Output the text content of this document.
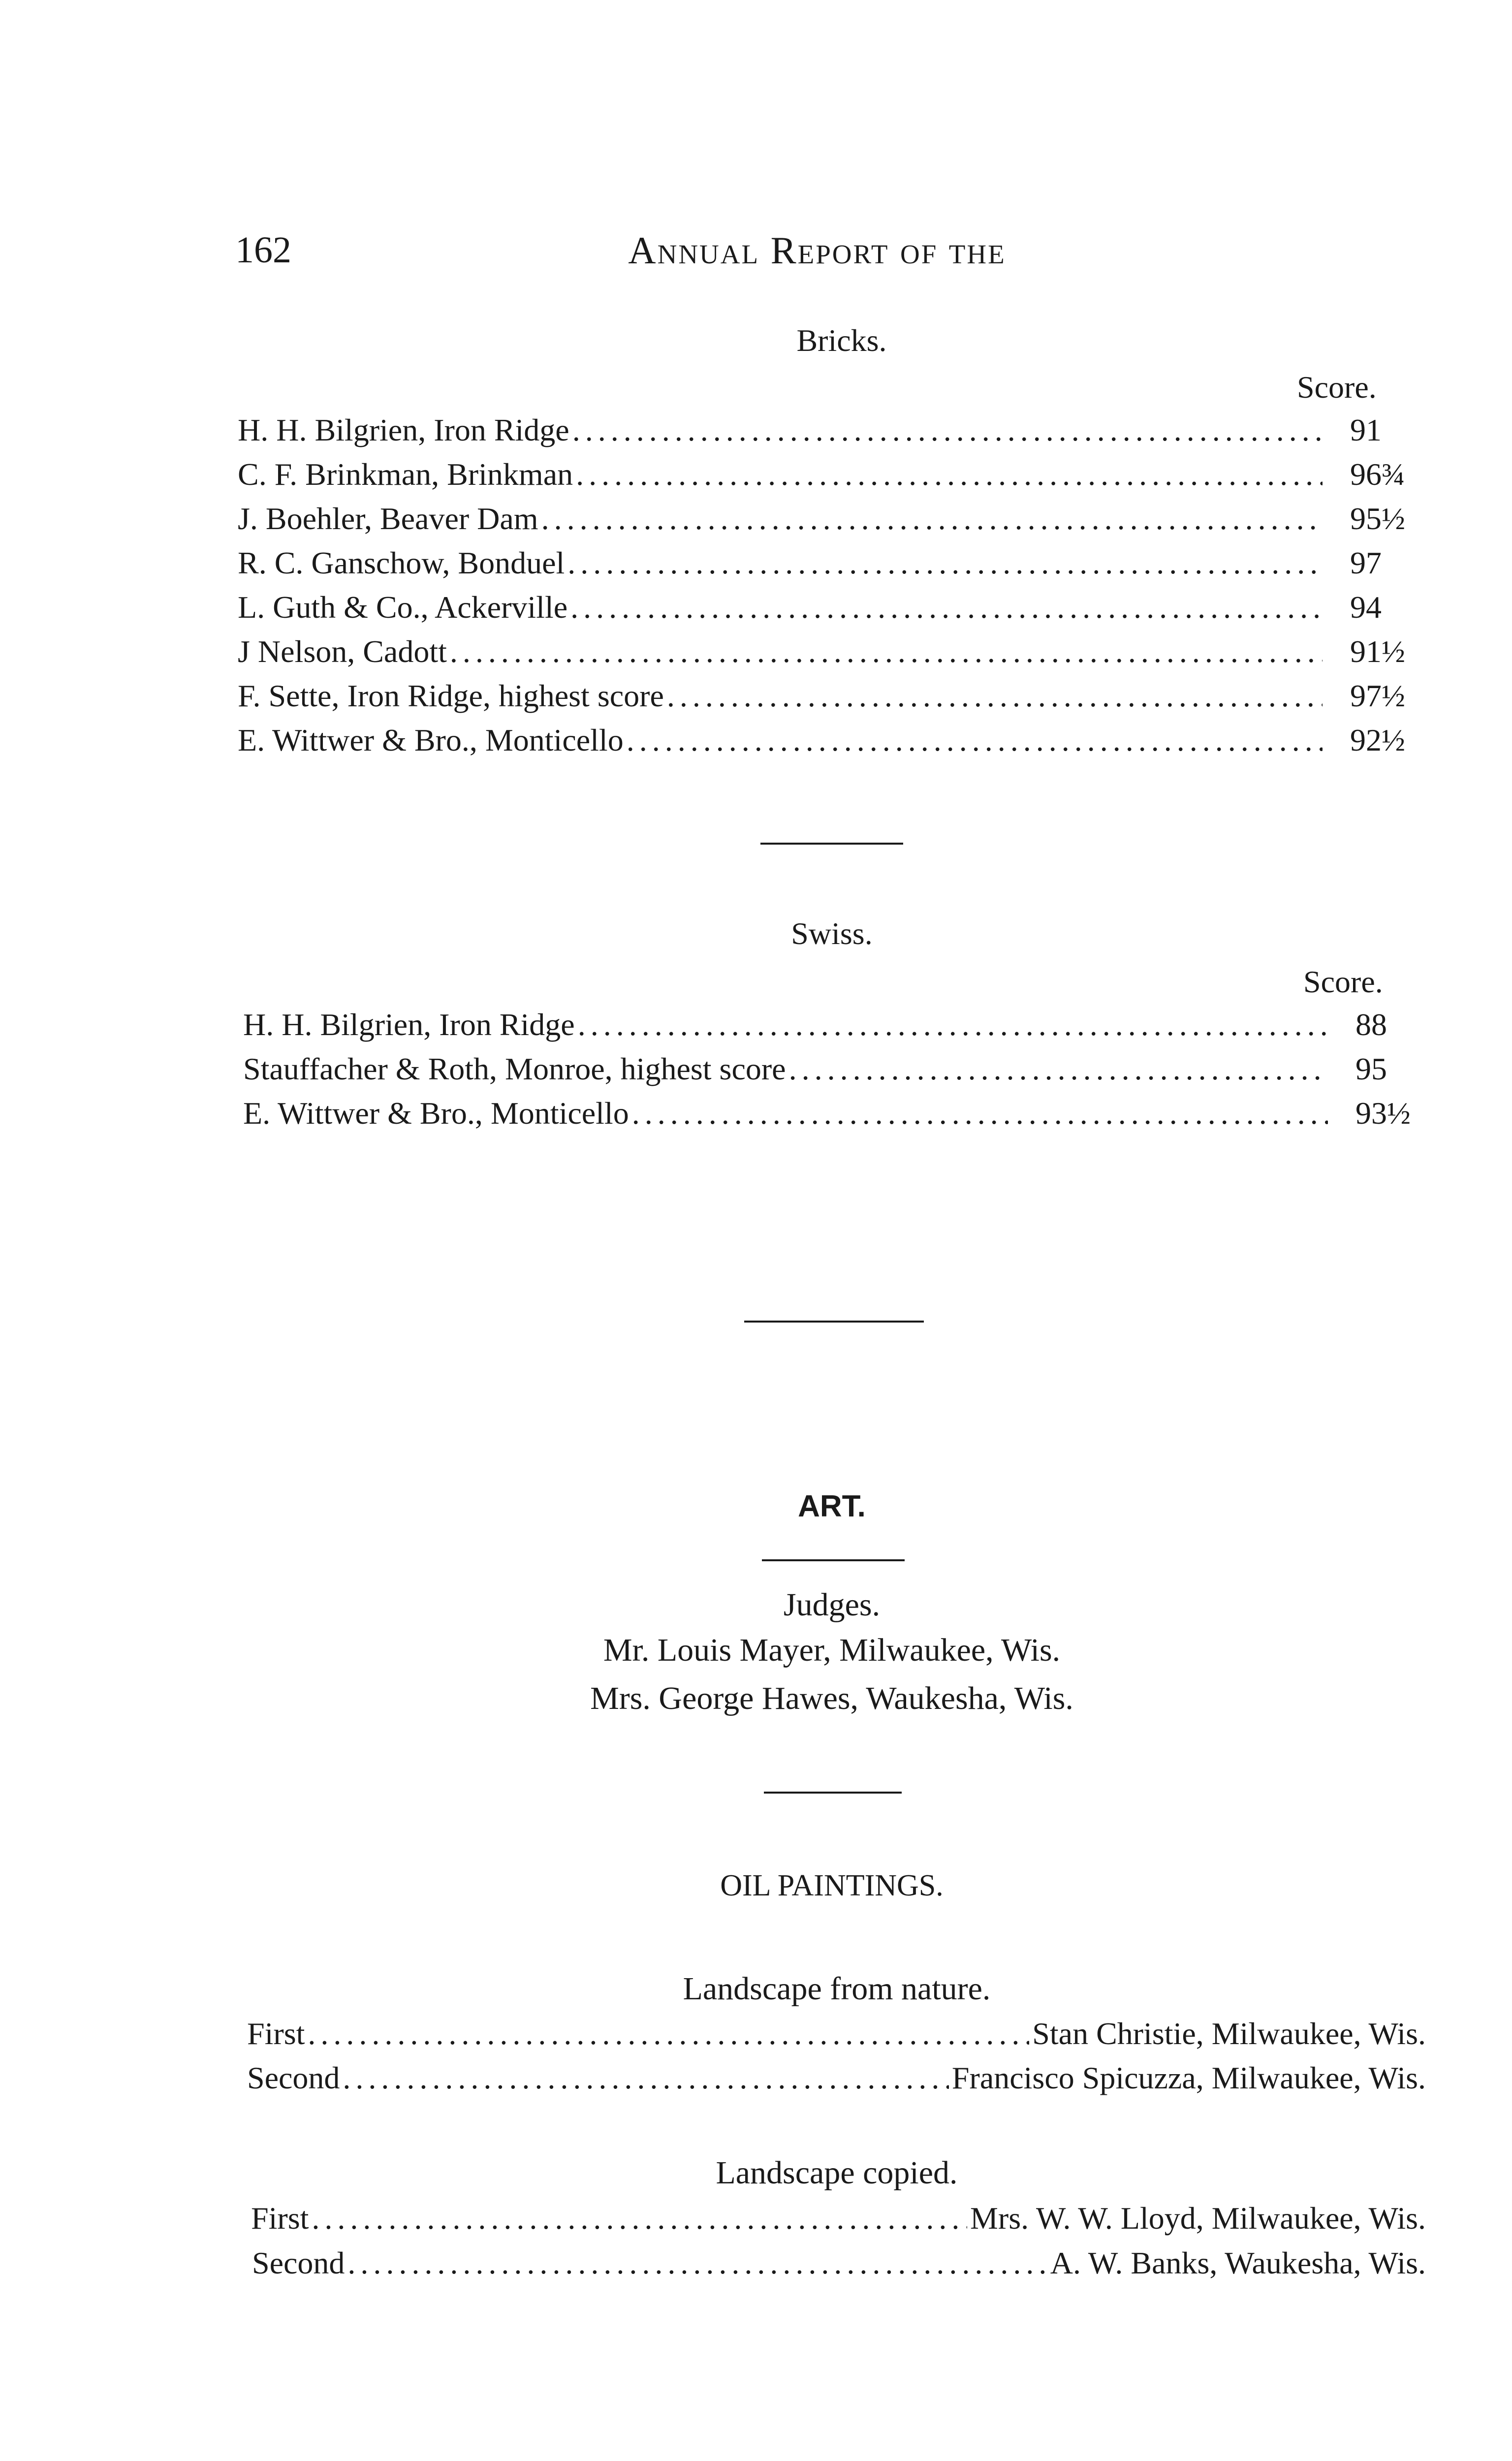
162	Annual Report of the
Bricks.
Score.
H. H. Bilgrien, Iron Ridge .....	91
C. F. Brinkman, Brinkman .....	96¾
J. Boehler, Beaver Dam .....	95½
R. C. Ganschow, Bonduel .....	97
L. Guth & Co., Ackerville .....	94
J Nelson, Cadott .....	91½
F. Sette, Iron Ridge, highest score .....	97½
E. Wittwer & Bro., Monticello .....	92½
Swiss.
Score.
H. H. Bilgrien, Iron Ridge .....	88
Stauffacher & Roth, Monroe, highest score .....	95
E. Wittwer & Bro., Monticello .....	93½
ART.
Judges.
Mr. Louis Mayer, Milwaukee, Wis.
Mrs. George Hawes, Waukesha, Wis.
OIL PAINTINGS.
Landscape from nature.
First .....	Stan Christie, Milwaukee, Wis.
Second .....	Francisco Spicuzza, Milwaukee, Wis.
Landscape copied.
First .....	Mrs. W. W. Lloyd, Milwaukee, Wis.
Second .....	A. W. Banks, Waukesha, Wis.
